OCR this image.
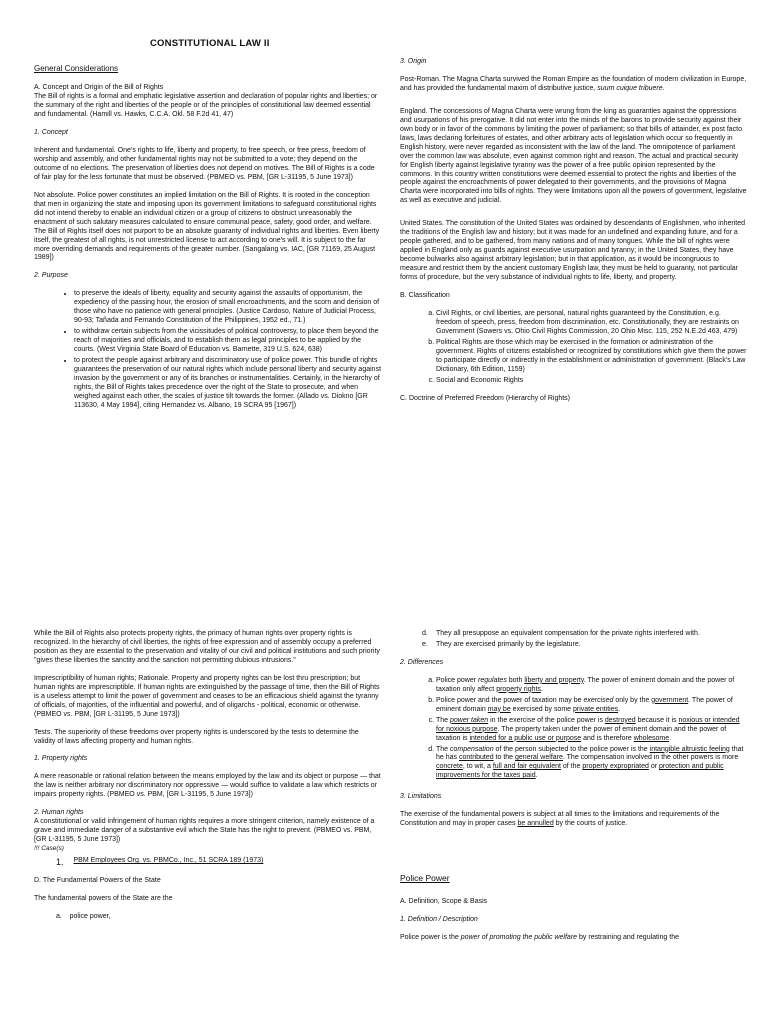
CONSTITUTIONAL LAW II

General Considerations

A. Concept and Origin of the Bill of Rights

The Bill of rights is a formal and emphatic legislative assertion and declaration of popular rights and liberties; or the summary of the right and liberties of the people or of the principles of constitutional law deemed essential and fundamental. (Hamill vs. Hawks, C.C.A. Okl. 58 F.2d 41, 47)

1. Concept

Inherent and fundamental. One's rights to life, liberty and property, to free speech, or free press, freedom of worship and assembly, and other fundamental rights may not be submitted to a vote; they depend on the outcome of no elections. The preservation of liberties does not depend on motives. The Bill of Rights is a code of fair play for the less fortunate that must be observed. (PBMEO vs. PBM, [GR L-31195, 5 June 1973])

Not absolute. Police power constitutes an implied limitation on the Bill of Rights. It is rooted in the conception that men in organizing the state and imposing upon its government limitations to safeguard constitutional rights did not intend thereby to enable an individual citizen or a group of citizens to obstruct unreasonably the enactment of such salutary measures calculated to ensure communal peace, safety, good order, and welfare. The Bill of Rights itself does not purport to be an absolute guaranty of individual rights and liberties. Even liberty itself, the greatest of all rights, is not unrestricted license to act according to one's will. It is subject to the far more overriding demands and requirements of the greater number. (Sangalang vs. IAC, [GR 71169, 25 August 1989])

2. Purpose

• to preserve the ideals of liberty, equality and security against the assaults of opportunism, the expediency of the passing hour, the erosion of small encroachments, and the scorn and derision of those who have no patience with general principles. (Justice Cardoso, Nature of Judicial Process, 90-93; Tañada and Fernando Constitution of the Philippines, 1952 ed., 71.)
• to withdraw certain subjects from the vicissitudes of political controversy, to place them beyond the reach of majorities and officials, and to establish them as legal principles to be applied by the courts. (West Virginia State Board of Education vs. Barnette, 319 U.S. 624, 638)
• to protect the people against arbitrary and discriminatory use of police power. This bundle of rights guarantees the preservation of our natural rights which include personal liberty and security against invasion by the government or any of its branches or instrumentalities. Certainly, in the hierarchy of rights, the Bill of Rights takes precedence over the right of the State to prosecute, and when weighed against each other, the scales of justice tilt towards the former. (Allado vs. Diokno [GR 113630, 4 May 1994], citing Hernandez vs. Albano, 19 SCRA 95 [1967])

3. Origin

Post-Roman. The Magna Charta survived the Roman Empire as the foundation of modern civilization in Europe, and has provided the fundamental maxim of distributive justice, suum cuique tribuere.

England. The concessions of Magna Charta were wrung from the king as guaranties against the oppressions and usurpations of his prerogative. It did not enter into the minds of the barons to provide security against their own body or in favor of the commons by limiting the power of parliament; so that bills of attainder, ex post facto laws, laws declaring forfeitures of estates, and other arbitrary acts of legislation which occur so frequently in English history, were never regarded as inconsistent with the law of the land. The omnipotence of parliament over the common law was absolute, even against common right and reason. The actual and practical security for English liberty against legislative tyranny was the power of a free public opinion represented by the commons. In this country written constitutions were deemed essential to protect the rights and liberties of the people against the encroachments of power delegated to their governments, and the provisions of Magna Charta were incorporated into bills of rights. They were limitations upon all the powers of government, legislative as well as executive and judicial.

United States. The constitution of the United States was ordained by descendants of Englishmen, who inherited the traditions of the English law and history; but it was made for an undefined and expanding future, and for a people gathered, and to be gathered, from many nations and of many tongues. While the bill of rights were applied in England only as guards against executive usurpation and tyranny; in the United States, they have become bulwarks also against arbitrary legislation; but in that application, as it would be incongruous to measure and restrict them by the ancient customary English law, they must be held to guaranty, not particular forms of procedure, but the very substance of individual rights to life, liberty, and property.

B. Classification

a. Civil Rights, or civil liberties, are personal, natural rights guaranteed by the Constitution, e.g. freedom of speech, press, freedom from discrimination, etc. Constitutionally, they are restraints on Government (Sowers vs. Ohio Civil Rights Commission, 20 Ohio Misc. 115, 252 N.E.2d 463, 479)
b. Political Rights are those which may be exercised in the formation or administration of the government. Rights of citizens established or recognized by constitutions which give them the power to participate directly or indirectly in the establishment or administration of government. (Black's Law Dictionary, 6th Edition, 1159)
c. Social and Economic Rights

C. Doctrine of Preferred Freedom (Hierarchy of Rights)

While the Bill of Rights also protects property rights, the primacy of human rights over property rights is recognized. In the hierarchy of civil liberties, the rights of free expression and of assembly occupy a preferred position as they are essential to the preservation and vitality of our civil and political institutions and such priority "gives these liberties the sanctity and the sanction not permitting dubious intrusions."

Imprescriptibility of human rights; Rationale. Property and property rights can be lost thru prescription; but human rights are imprescriptible. If human rights are extinguished by the passage of time, then the Bill of Rights is a useless attempt to limit the power of government and ceases to be an efficacious shield against the tyranny of officials, of majorities, of the influential and powerful, and of oligarchs - political, economic or otherwise. (PBMEO vs. PBM, [GR L-31195, 5 June 1973])

Tests. The superiority of these freedoms over property rights is underscored by the tests to determine the validity of laws affecting property and human rights.

1. Property rights

A mere reasonable or rational relation between the means employed by the law and its object or purpose — that the law is neither arbitrary nor discriminatory nor oppressive — would suffice to validate a law which restricts or impairs property rights. (PBMEO vs. PBM, [GR L-31195, 5 June 1973])

2. Human rights

A constitutional or valid infringement of human rights requires a more stringent criterion, namely existence of a grave and immediate danger of a substantive evil which the State has the right to prevent. (PBMEO vs. PBM, [GR L-31195, 5 June 1973])

!!! Case(s)

1. PBM Employees Org. vs. PBMCo., Inc., 51 SCRA 189 (1973)

D. The Fundamental Powers of the State

The fundamental powers of the State are the

a. police power,

d. They all presuppose an equivalent compensation for the private rights interfered with.
e. They are exercised primarily by the legislature.

2. Differences

a. Police power regulates both liberty and property. The power of eminent domain and the power of taxation only affect property rights.
b. Police power and the power of taxation may be exercised only by the government. The power of eminent domain may be exercised by some private entities.
c. The power taken in the exercise of the police power is destroyed because it is noxious or intended for noxious purpose. The property taken under the power of eminent domain and the power of taxation is intended for a public use or purpose and is therefore wholesome.
d. The compensation of the person subjected to the police power is the intangible altruistic feeling that he has contributed to the general welfare. The compensation involved in the other powers is more concrete, to wit, a full and fair equivalent of the property expropriated or protection and public improvements for the taxes paid.

3. Limitations

The exercise of the fundamental powers is subject at all times to the limitations and requirements of the Constitution and may in proper cases be annulled by the courts of justice.

Police Power

A. Definition, Scope & Basis

1. Definition / Description

Police power is the power of promoting the public welfare by restraining and regulating the
